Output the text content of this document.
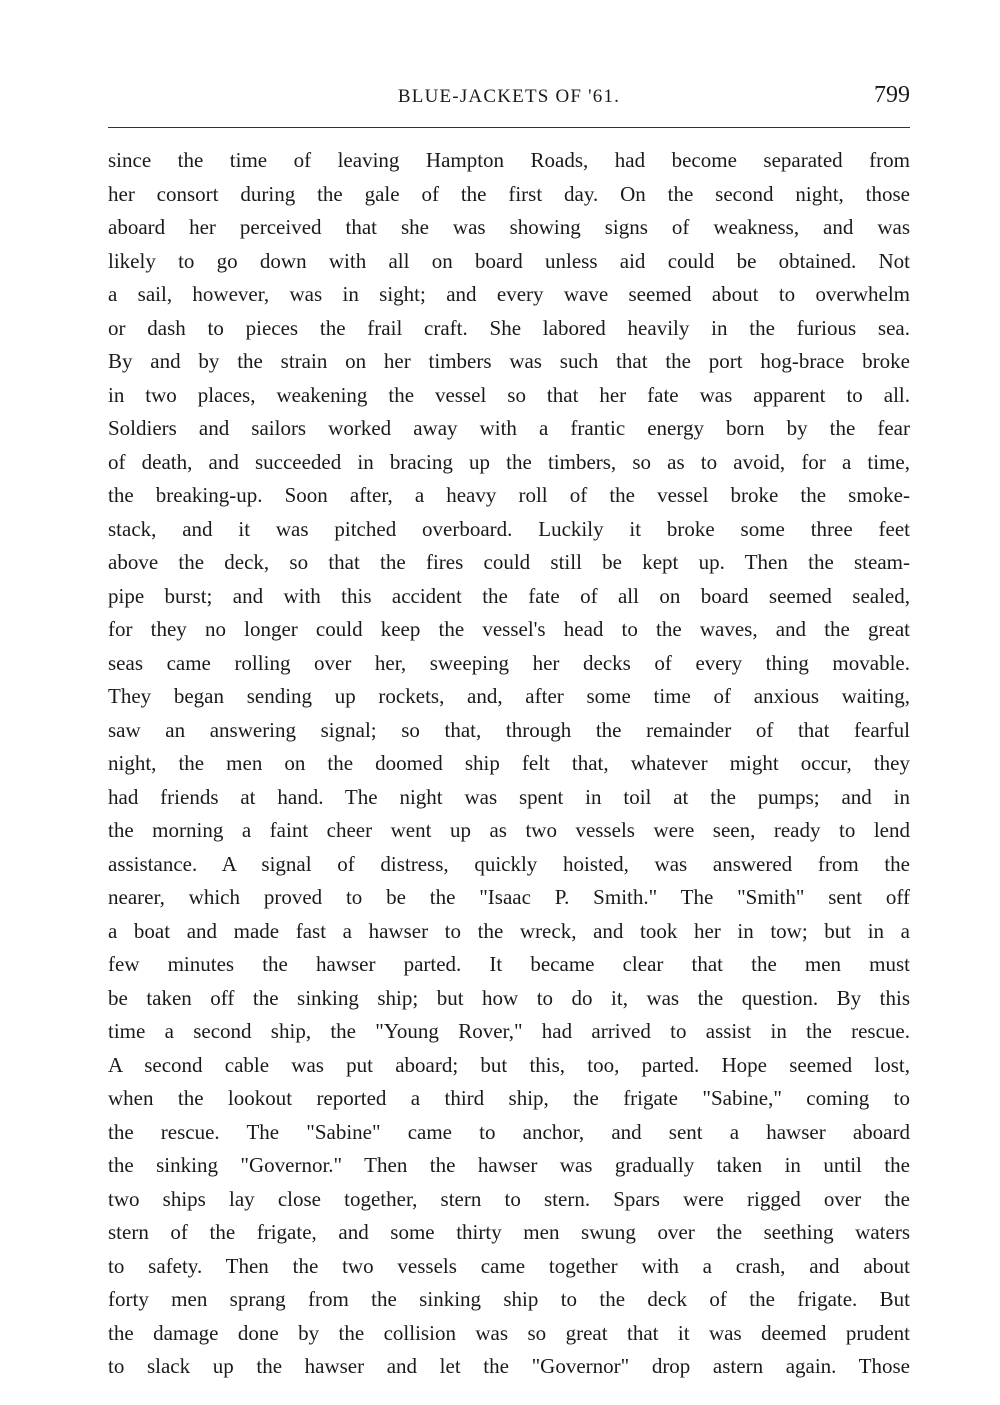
BLUE-JACKETS OF '61.	799
since the time of leaving Hampton Roads, had become separated from
her consort during the gale of the first day. On the second night, those
aboard her perceived that she was showing signs of weakness, and was
likely to go down with all on board unless aid could be obtained. Not
a sail, however, was in sight; and every wave seemed about to overwhelm
or dash to pieces the frail craft. She labored heavily in the furious sea.
By and by the strain on her timbers was such that the port hog-brace broke
in two places, weakening the vessel so that her fate was apparent to all.
Soldiers and sailors worked away with a frantic energy born by the fear
of death, and succeeded in bracing up the timbers, so as to avoid, for a time,
the breaking-up. Soon after, a heavy roll of the vessel broke the smoke-
stack, and it was pitched overboard. Luckily it broke some three feet
above the deck, so that the fires could still be kept up. Then the steam-
pipe burst; and with this accident the fate of all on board seemed sealed,
for they no longer could keep the vessel's head to the waves, and the great
seas came rolling over her, sweeping her decks of every thing movable.
They began sending up rockets, and, after some time of anxious waiting,
saw an answering signal; so that, through the remainder of that fearful
night, the men on the doomed ship felt that, whatever might occur, they
had friends at hand. The night was spent in toil at the pumps; and in
the morning a faint cheer went up as two vessels were seen, ready to lend
assistance. A signal of distress, quickly hoisted, was answered from the
nearer, which proved to be the "Isaac P. Smith." The "Smith" sent off
a boat and made fast a hawser to the wreck, and took her in tow; but in a
few minutes the hawser parted. It became clear that the men must
be taken off the sinking ship; but how to do it, was the question. By this
time a second ship, the "Young Rover," had arrived to assist in the rescue.
A second cable was put aboard; but this, too, parted. Hope seemed lost,
when the lookout reported a third ship, the frigate "Sabine," coming to
the rescue. The "Sabine" came to anchor, and sent a hawser aboard
the sinking "Governor." Then the hawser was gradually taken in until the
two ships lay close together, stern to stern. Spars were rigged over the
stern of the frigate, and some thirty men swung over the seething waters
to safety. Then the two vessels came together with a crash, and about
forty men sprang from the sinking ship to the deck of the frigate. But
the damage done by the collision was so great that it was deemed prudent
to slack up the hawser and let the "Governor" drop astern again. Those
